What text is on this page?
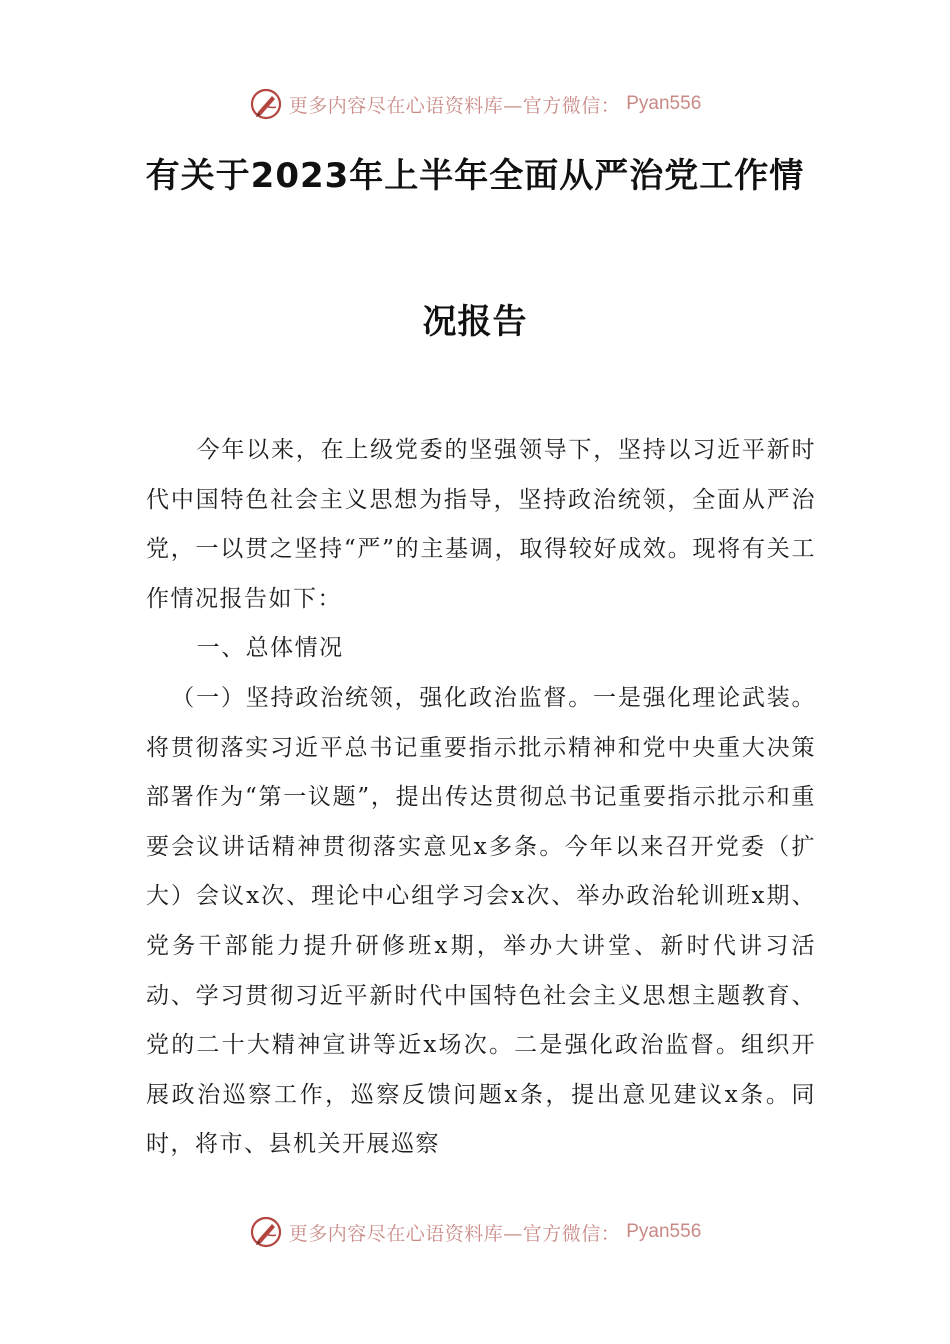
更多内容尽在心语资料库—官方微信： Pyan556
有关于2023年上半年全面从严治党工作情
况报告

今年以来，在上级党委的坚强领导下，坚持以习近平新时代中国特色社会主义思想为指导，坚持政治统领，全面从严治党，一以贯之坚持“严”的主基调，取得较好成效。现将有关工作情况报告如下：

一、总体情况

（一）坚持政治统领，强化政治监督。一是强化理论武装。将贯彻落实习近平总书记重要指示批示精神和党中央重大决策部署作为“第一议题”，提出传达贯彻总书记重要指示批示和重要会议讲话精神贯彻落实意见x多条。今年以来召开党委（扩大）会议x次、理论中心组学习会x次、举办政治轮训班x期、党务干部能力提升研修班x期，举办大讲堂、新时代讲习活动、学习贯彻习近平新时代中国特色社会主义思想主题教育、党的二十大精神宣讲等近x场次。二是强化政治监督。组织开展政治巡察工作，巡察反馈问题x条，提出意见建议x条。同时，将市、县机关开展巡察

更多内容尽在心语资料库—官方微信： Pyan556
